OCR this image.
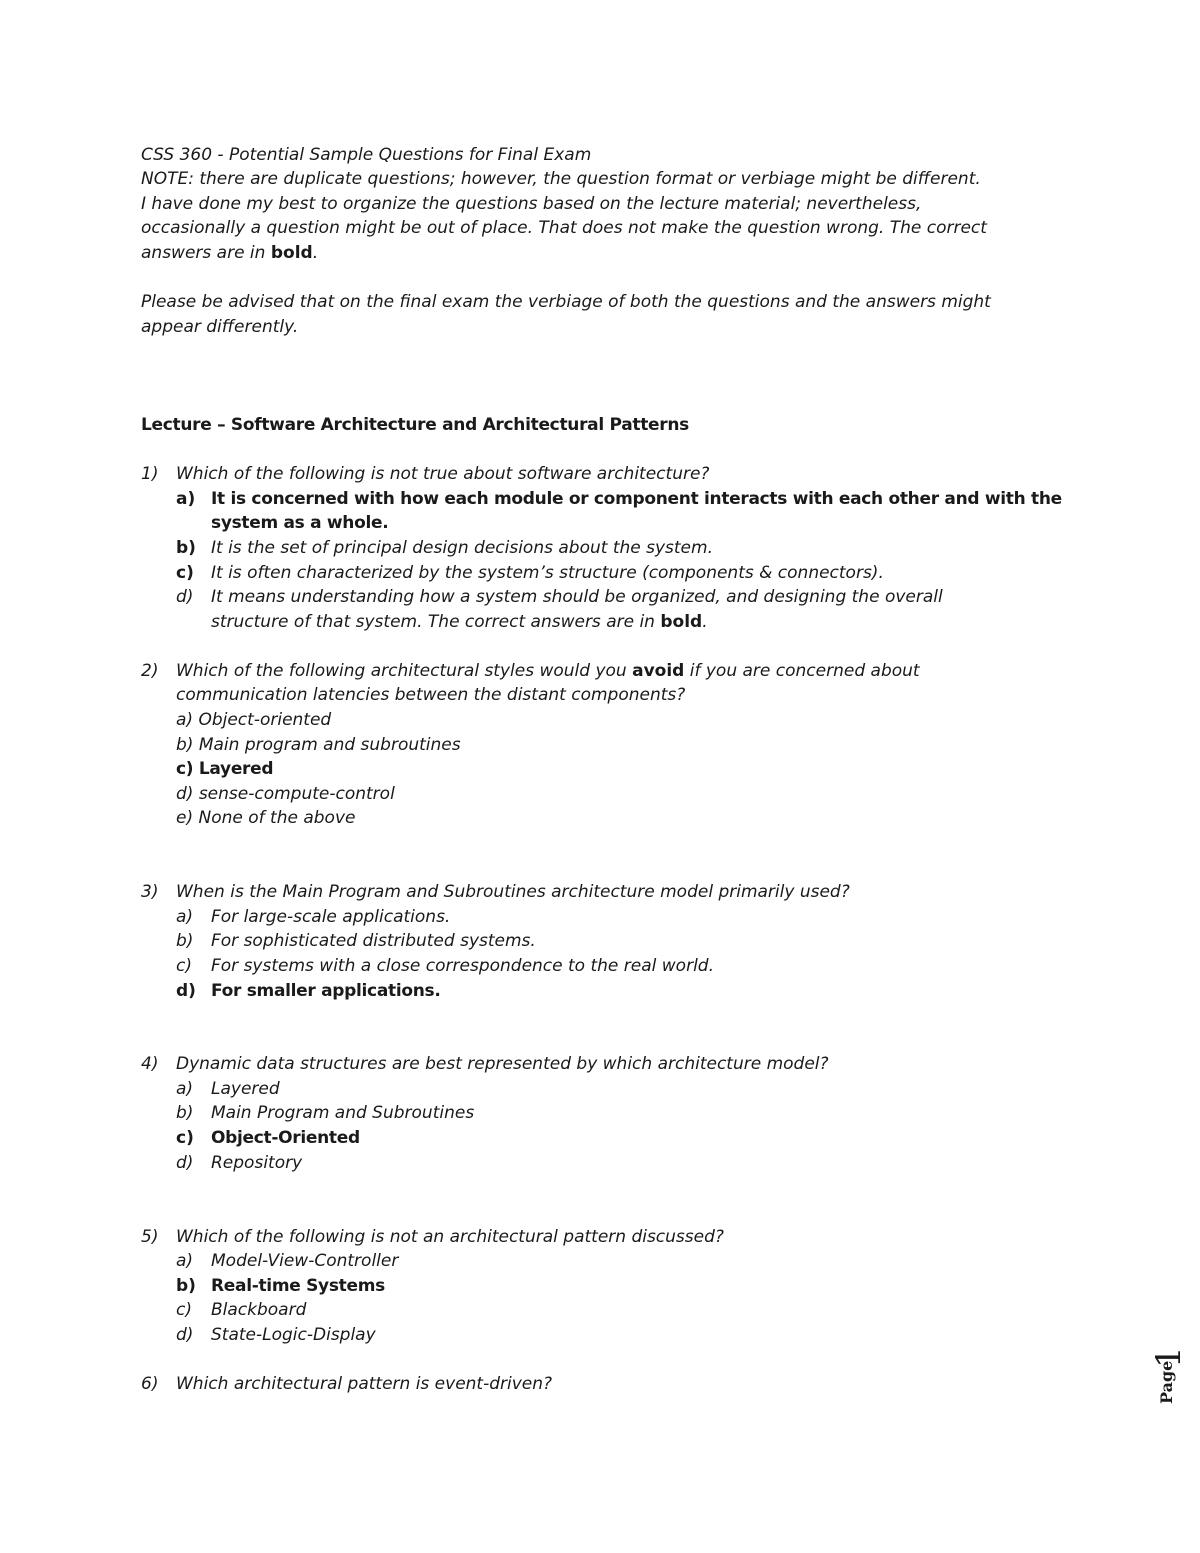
CSS 360 - Potential Sample Questions for Final Exam
NOTE: there are duplicate questions; however, the question format or verbiage might be different.
I have done my best to organize the questions based on the lecture material; nevertheless,
occasionally a question might be out of place. That does not make the question wrong. The correct
answers are in bold.
Please be advised that on the final exam the verbiage of both the questions and the answers might
appear differently.
Lecture – Software Architecture and Architectural Patterns
1) Which of the following is not true about software architecture?
a) It is concerned with how each module or component interacts with each other and with the
system as a whole.
b) It is the set of principal design decisions about the system.
c) It is often characterized by the system’s structure (components & connectors).
d) It means understanding how a system should be organized, and designing the overall
structure of that system. The correct answers are in bold.
2) Which of the following architectural styles would you avoid if you are concerned about
communication latencies between the distant components?
a) Object-oriented
b) Main program and subroutines
c) Layered
d) sense-compute-control
e) None of the above
3) When is the Main Program and Subroutines architecture model primarily used?
a) For large-scale applications.
b) For sophisticated distributed systems.
c) For systems with a close correspondence to the real world.
d) For smaller applications.
4) Dynamic data structures are best represented by which architecture model?
a) Layered
b) Main Program and Subroutines
c) Object-Oriented
d) Repository
5) Which of the following is not an architectural pattern discussed?
a) Model-View-Controller
b) Real-time Systems
c) Blackboard
d) State-Logic-Display
6) Which architectural pattern is event-driven?	Page
1
